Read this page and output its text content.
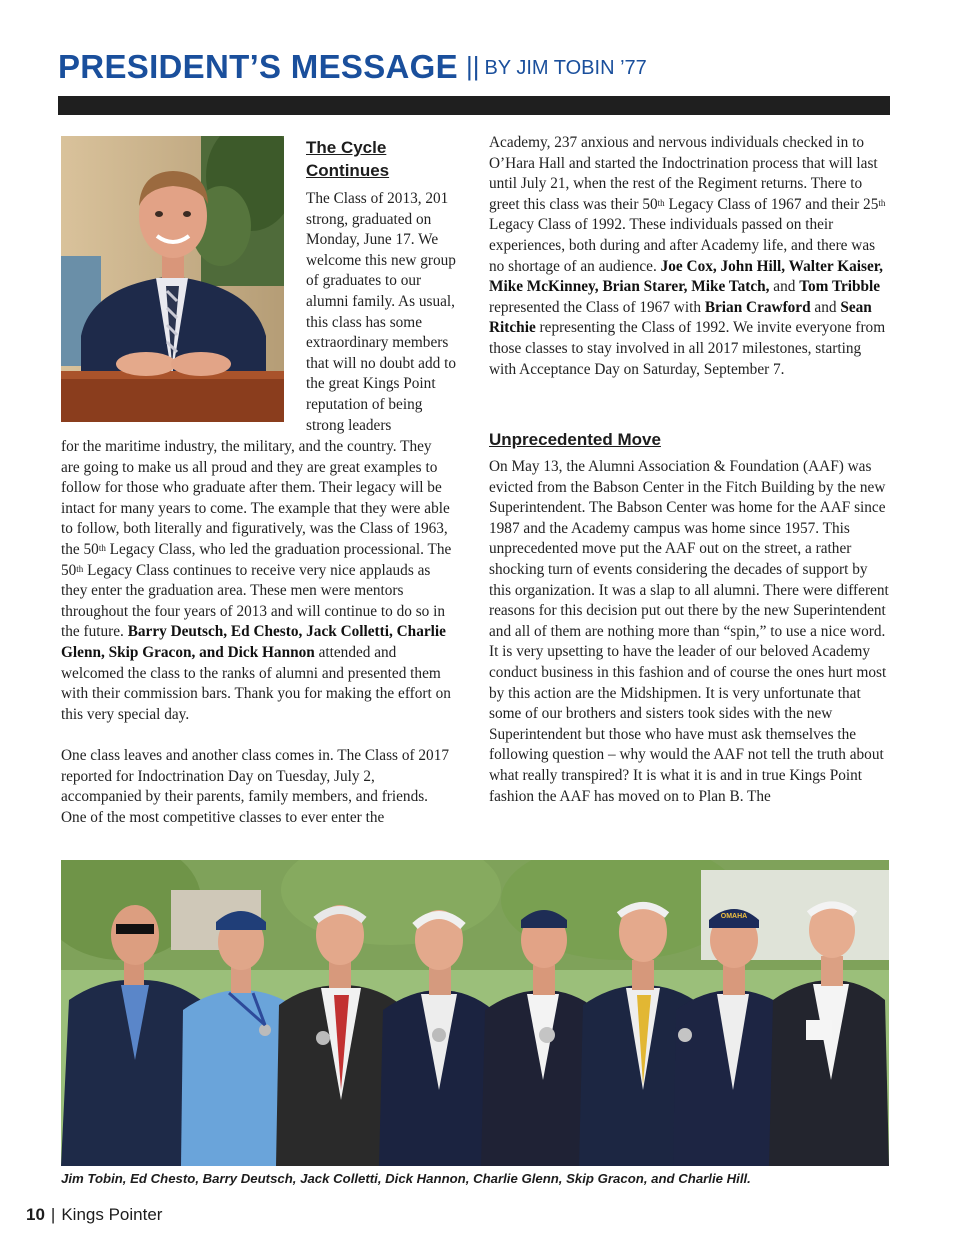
PRESIDENT’S MESSAGE || BY JIM TOBIN ’77
The Cycle Continues

The Class of 2013, 201 strong, graduated on Monday, June 17. We welcome this new group of graduates to our alumni family. As usual, this class has some extraordinary members that will no doubt add to the great Kings Point reputation of being strong leaders

for the maritime industry, the military, and the country. They are going to make us all proud and they are great examples to follow for those who graduate after them. Their legacy will be intact for many years to come. The example that they were able to follow, both literally and figuratively, was the Class of 1963, the 50th Legacy Class, who led the graduation processional. The 50th Legacy Class continues to receive very nice applauds as they enter the graduation area. These men were mentors throughout the four years of 2013 and will continue to do so in the future. Barry Deutsch, Ed Chesto, Jack Colletti, Charlie Glenn, Skip Gracon, and Dick Hannon attended and welcomed the class to the ranks of alumni and presented them with their commission bars. Thank you for making the effort on this very special day.

One class leaves and another class comes in. The Class of 2017 reported for Indoctrination Day on Tuesday, July 2, accompanied by their parents, family members, and friends. One of the most competitive classes to ever enter the

Academy, 237 anxious and nervous individuals checked in to O’Hara Hall and started the Indoctrination process that will last until July 21, when the rest of the Regiment returns. There to greet this class was their 50th Legacy Class of 1967 and their 25th Legacy Class of 1992. These individuals passed on their experiences, both during and after Academy life, and there was no shortage of an audience. Joe Cox, John Hill, Walter Kaiser, Mike McKinney, Brian Starer, Mike Tatch, and Tom Tribble represented the Class of 1967 with Brian Crawford and Sean Ritchie representing the Class of 1992. We invite everyone from those classes to stay involved in all 2017 milestones, starting with Acceptance Day on Saturday, September 7.

Unprecedented Move

On May 13, the Alumni Association & Foundation (AAF) was evicted from the Babson Center in the Fitch Building by the new Superintendent. The Babson Center was home for the AAF since 1987 and the Academy campus was home since 1957. This unprecedented move put the AAF out on the street, a rather shocking turn of events considering the decades of support by this organization. It was a slap to all alumni. There were different reasons for this decision put out there by the new Superintendent and all of them are nothing more than “spin,” to use a nice word. It is very upsetting to have the leader of our beloved Academy conduct business in this fashion and of course the ones hurt most by this action are the Midshipmen. It is very unfortunate that some of our brothers and sisters took sides with the new Superintendent but those who have must ask themselves the following question – why would the AAF not tell the truth about what really transpired? It is what it is and in true Kings Point fashion the AAF has moved on to Plan B. The

OMAHA
Jim Tobin, Ed Chesto, Barry Deutsch, Jack Colletti, Dick Hannon, Charlie Glenn, Skip Gracon, and Charlie Hill.
10 | Kings Pointer
